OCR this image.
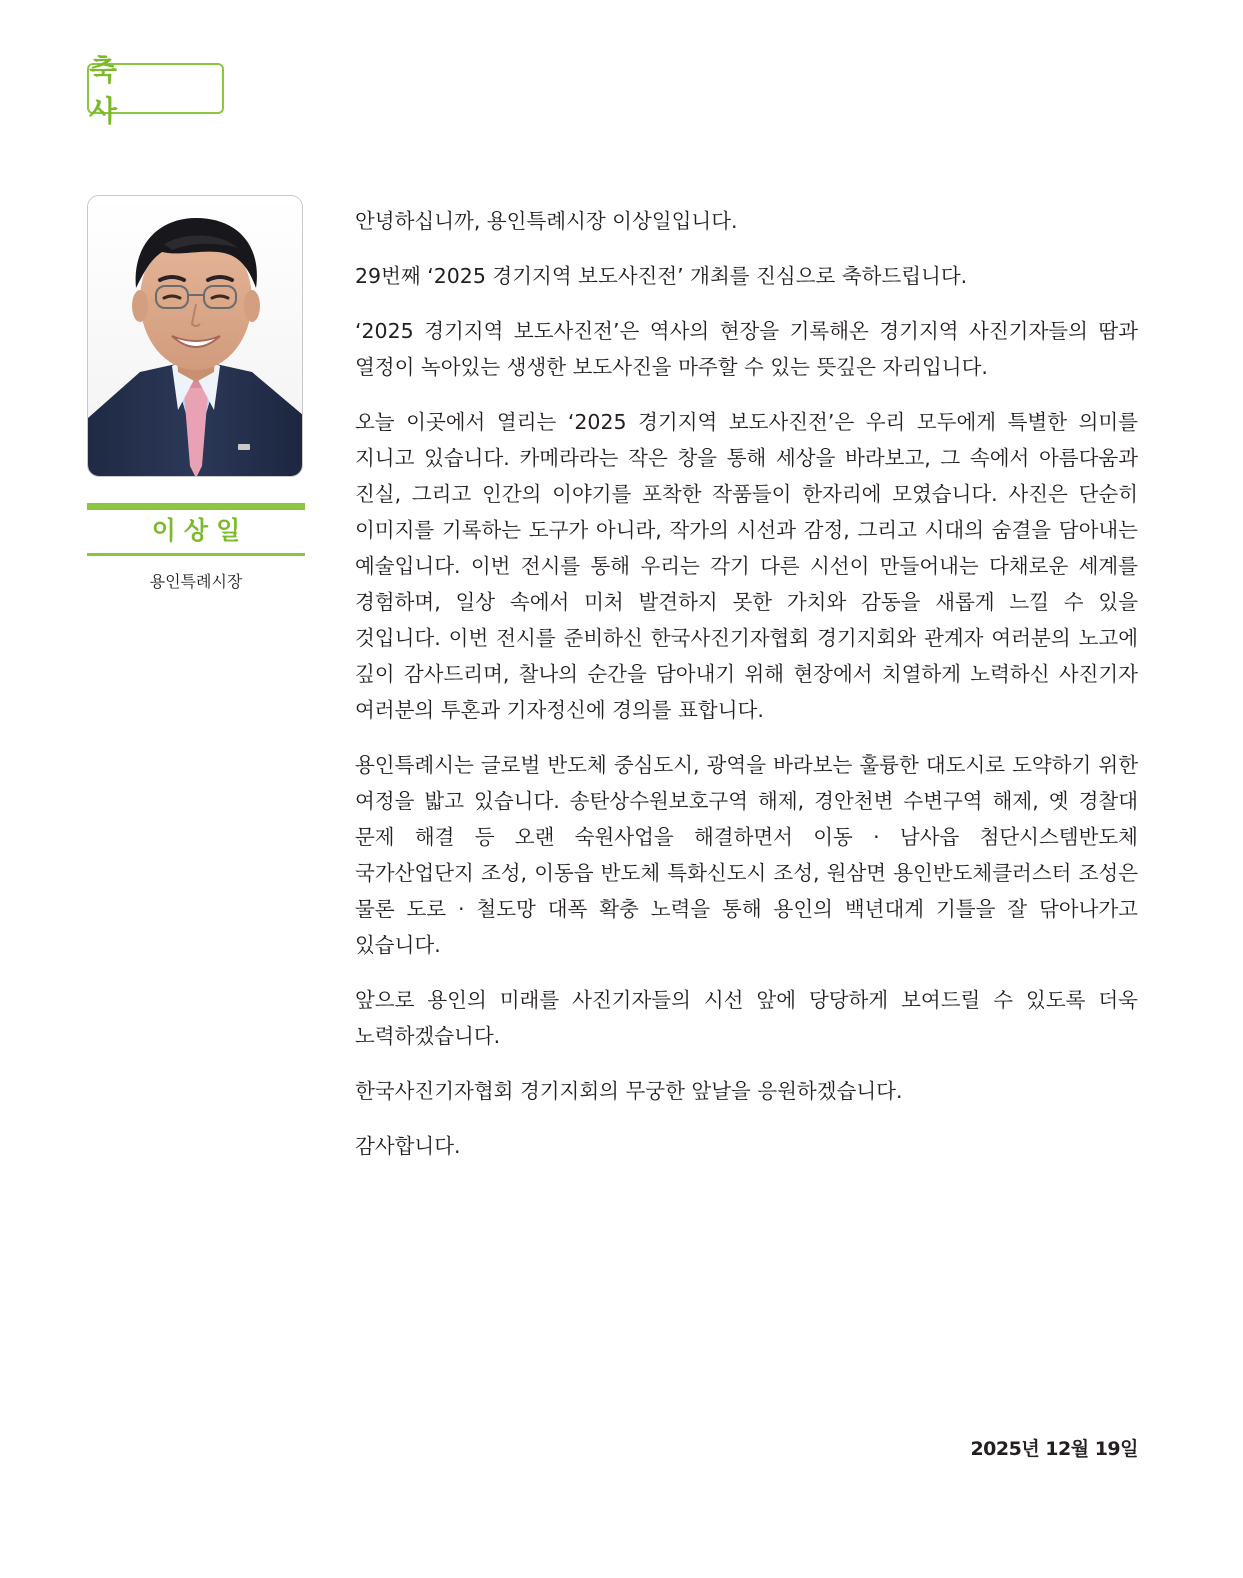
축 사
이상일
용인특례시장

안녕하십니까, 용인특례시장 이상일입니다.

29번째 ‘2025 경기지역 보도사진전’ 개최를 진심으로 축하드립니다.

‘2025 경기지역 보도사진전’은 역사의 현장을 기록해온 경기지역 사진기자들의 땀과 열정이 녹아있는 생생한 보도사진을 마주할 수 있는 뜻깊은 자리입니다.

오늘 이곳에서 열리는 ‘2025 경기지역 보도사진전’은 우리 모두에게 특별한 의미를 지니고 있습니다. 카메라라는 작은 창을 통해 세상을 바라보고, 그 속에서 아름다움과 진실, 그리고 인간의 이야기를 포착한 작품들이 한자리에 모였습니다. 사진은 단순히 이미지를 기록하는 도구가 아니라, 작가의 시선과 감정, 그리고 시대의 숨결을 담아내는 예술입니다. 이번 전시를 통해 우리는 각기 다른 시선이 만들어내는 다채로운 세계를 경험하며, 일상 속에서 미처 발견하지 못한 가치와 감동을 새롭게 느낄 수 있을 것입니다. 이번 전시를 준비하신 한국사진기자협회 경기지회와 관계자 여러분의 노고에 깊이 감사드리며, 찰나의 순간을 담아내기 위해 현장에서 치열하게 노력하신 사진기자 여러분의 투혼과 기자정신에 경의를 표합니다.

용인특례시는 글로벌 반도체 중심도시, 광역을 바라보는 훌륭한 대도시로 도약하기 위한 여정을 밟고 있습니다. 송탄상수원보호구역 해제, 경안천변 수변구역 해제, 옛 경찰대 문제 해결 등 오랜 숙원사업을 해결하면서 이동 · 남사읍 첨단시스템반도체 국가산업단지 조성, 이동읍 반도체 특화신도시 조성, 원삼면 용인반도체클러스터 조성은 물론 도로 · 철도망 대폭 확충 노력을 통해 용인의 백년대계 기틀을 잘 닦아나가고 있습니다.

앞으로 용인의 미래를 사진기자들의 시선 앞에 당당하게 보여드릴 수 있도록 더욱 노력하겠습니다.

한국사진기자협회 경기지회의 무궁한 앞날을 응원하겠습니다.

감사합니다.

2025년 12월 19일
